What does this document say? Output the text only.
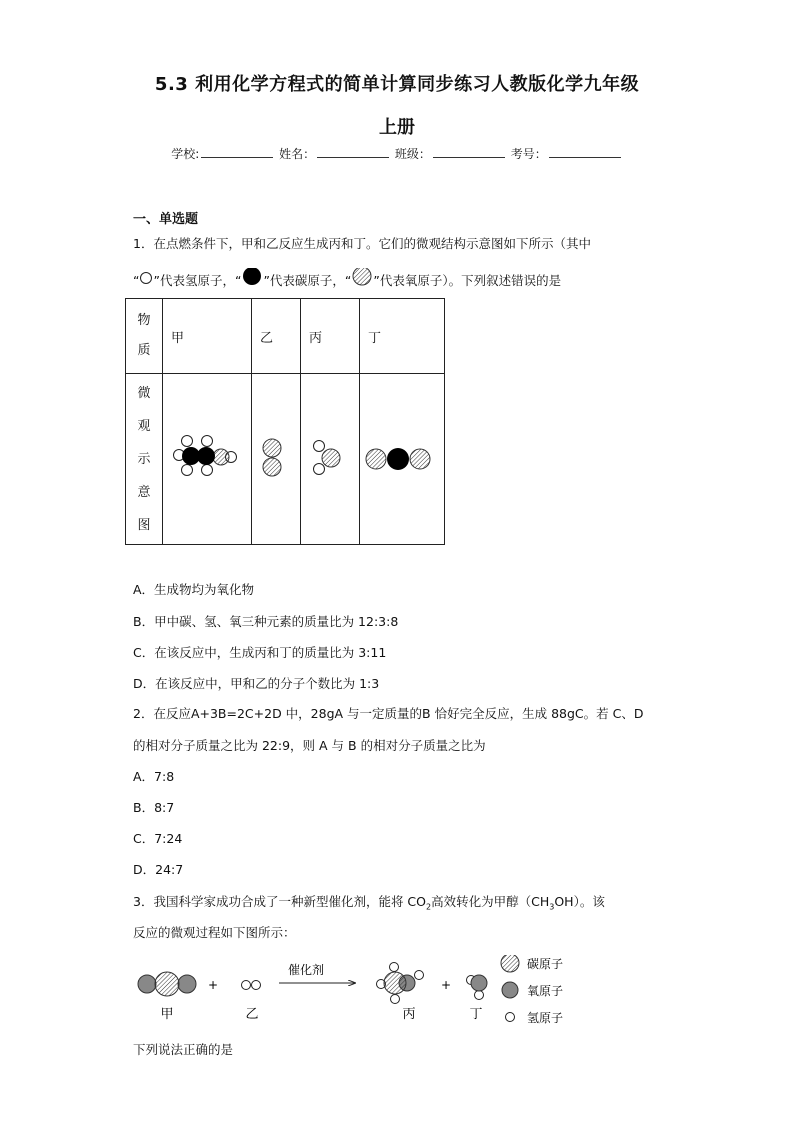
5.3 利用化学方程式的简单计算同步练习人教版化学九年级
上册
学校:	姓名：	班级：	考号：
一、单选题
1．在点燃条件下，甲和乙反应生成丙和丁。它们的微观结构示意图如下所示（其中
“ ”代表氢原子，“ ”代表碳原子，“ ”代表氧原子）。下列叙述错误的是
物
质	甲	乙	丙	丁

微
观
示
意
图

A．生成物均为氧化物
B．甲中碳、氢、氧三种元素的质量比为 12:3:8
C．在该反应中，生成丙和丁的质量比为 3:11
D．在该反应中，甲和乙的分子个数比为 1:3
2．在反应A+3B=2C+2D 中，28gA 与一定质量的B 恰好完全反应，生成 88gC。若 C、D
的相对分子质量之比为 22:9，则 A 与 B 的相对分子质量之比为
A．7:8
B．8:7
C．7:24
D．24:7
3．我国科学家成功合成了一种新型催化剂，能将 $CO_2$高效转化为甲醇$(CH_3OH)$。该
反应的微观过程如下图所示：
甲
+
乙
催化剂
丙
+
丁
碳原子
氧原子
氢原子
下列说法正确的是
